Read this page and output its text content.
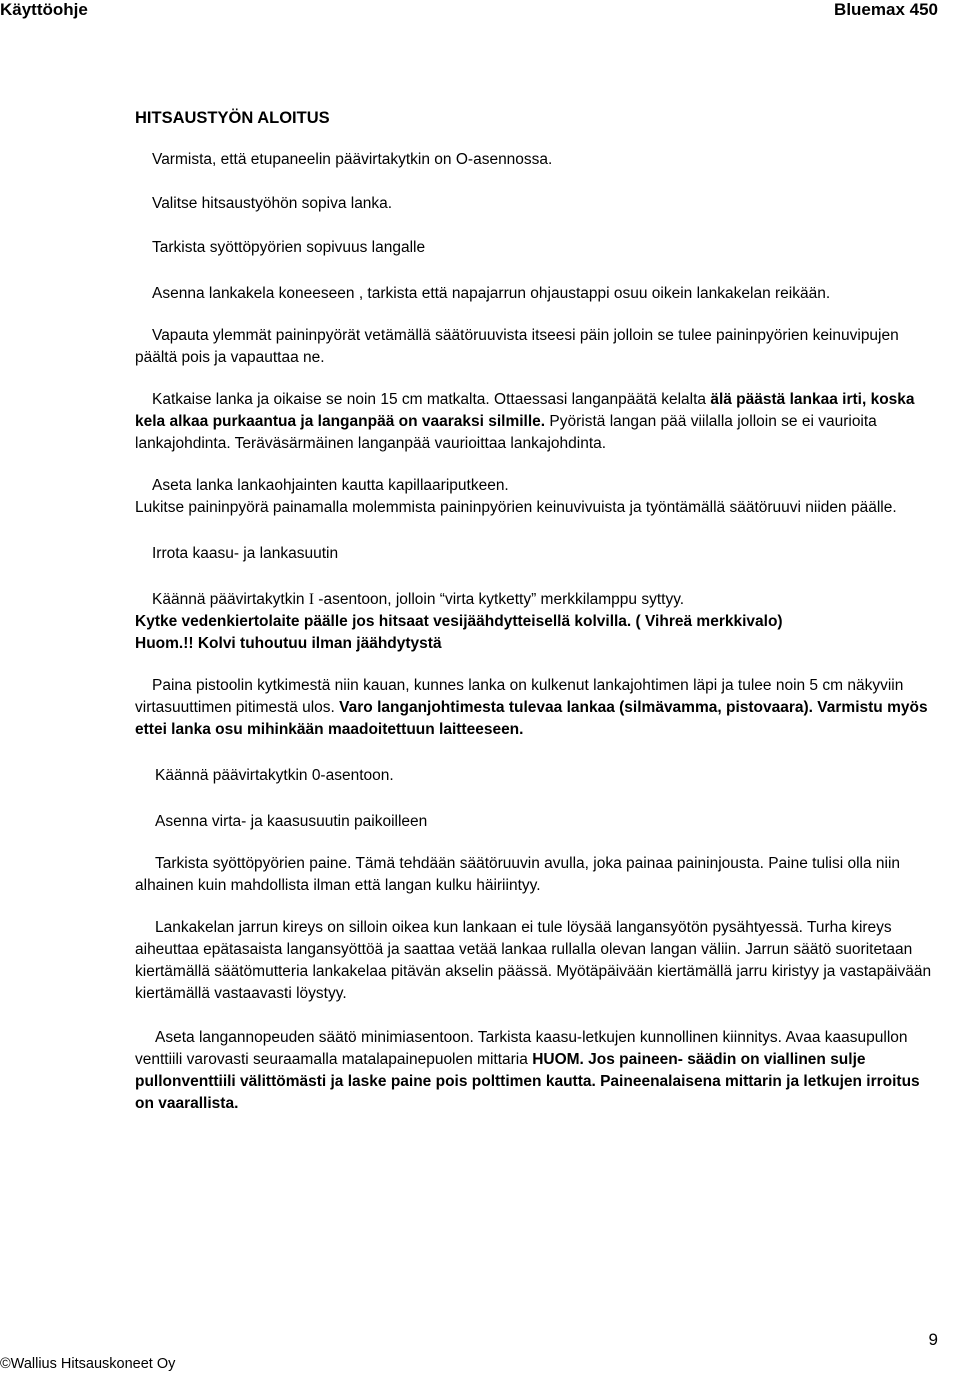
Käyttöohje	Bluemax 450

HITSAUSTYÖN ALOITUS

Varmista, että etupaneelin päävirtakytkin on O-asennossa.

Valitse hitsaustyöhön sopiva lanka.

Tarkista syöttöpyörien sopivuus langalle

Asenna lankakela koneeseen , tarkista että napajarrun ohjaustappi osuu oikein lankakelan reikään.

Vapauta ylemmät paininpyörät vetämällä säätöruuvista itseesi päin jolloin se tulee paininpyörien keinuvipujen päältä pois ja vapauttaa ne.

Katkaise lanka ja oikaise se noin 15 cm matkalta. Ottaessasi langanpäätä kelalta älä päästä lankaa irti, koska kela alkaa purkaantua ja langanpää on vaaraksi silmille. Pyöristä langan pää viilalla jolloin se ei vaurioita lankajohdinta. Teräväsärmäinen langanpää vaurioittaa lankajohdinta.

Aseta lanka lankaohjainten kautta kapillaariputkeen.

Lukitse paininpyörä painamalla molemmista paininpyörien keinuvivuista ja työntämällä säätöruuvi niiden päälle.

Irrota kaasu- ja lankasuutin

Käännä päävirtakytkin I -asentoon, jolloin “virta kytketty” merkkilamppu syttyy.

Kytke vedenkiertolaite päälle jos hitsaat vesijäähdytteisellä kolvilla. ( Vihreä merkkivalo)

Huom.!! Kolvi tuhoutuu ilman jäähdytystä

Paina pistoolin kytkimestä niin kauan, kunnes lanka on kulkenut lankajohtimen läpi ja tulee noin 5 cm näkyviin virtasuuttimen pitimestä ulos. Varo langanjohtimesta tulevaa lankaa (silmävamma, pistovaara). Varmistu myös ettei lanka osu mihinkään maadoitettuun laitteeseen.

Käännä päävirtakytkin 0-asentoon.

Asenna virta- ja kaasusuutin paikoilleen

Tarkista syöttöpyörien paine. Tämä tehdään säätöruuvin avulla, joka painaa paininjousta. Paine tulisi olla niin alhainen kuin mahdollista ilman että langan kulku häiriintyy.

Lankakelan jarrun kireys on silloin oikea kun lankaan ei tule löysää langansyötön pysähtyessä. Turha kireys aiheuttaa epätasaista langansyöttöä ja saattaa vetää lankaa rullalla olevan langan väliin. Jarrun säätö suoritetaan kiertämällä säätömutteria lankakelaa pitävän akselin päässä. Myötäpäivään kiertämällä jarru kiristyy ja vastapäivään kiertämällä vastaavasti löystyy.

Aseta langannopeuden säätö minimiasentoon. Tarkista kaasu-letkujen kunnollinen kiinnitys. Avaa kaasupullon venttiili varovasti seuraamalla matalapainepuolen mittaria HUOM. Jos paineen- säädin on viallinen sulje pullonventtiili välittömästi ja laske paine pois polttimen kautta. Paineenalaisena mittarin ja letkujen irroitus on vaarallista.

9
©Wallius Hitsauskoneet Oy
